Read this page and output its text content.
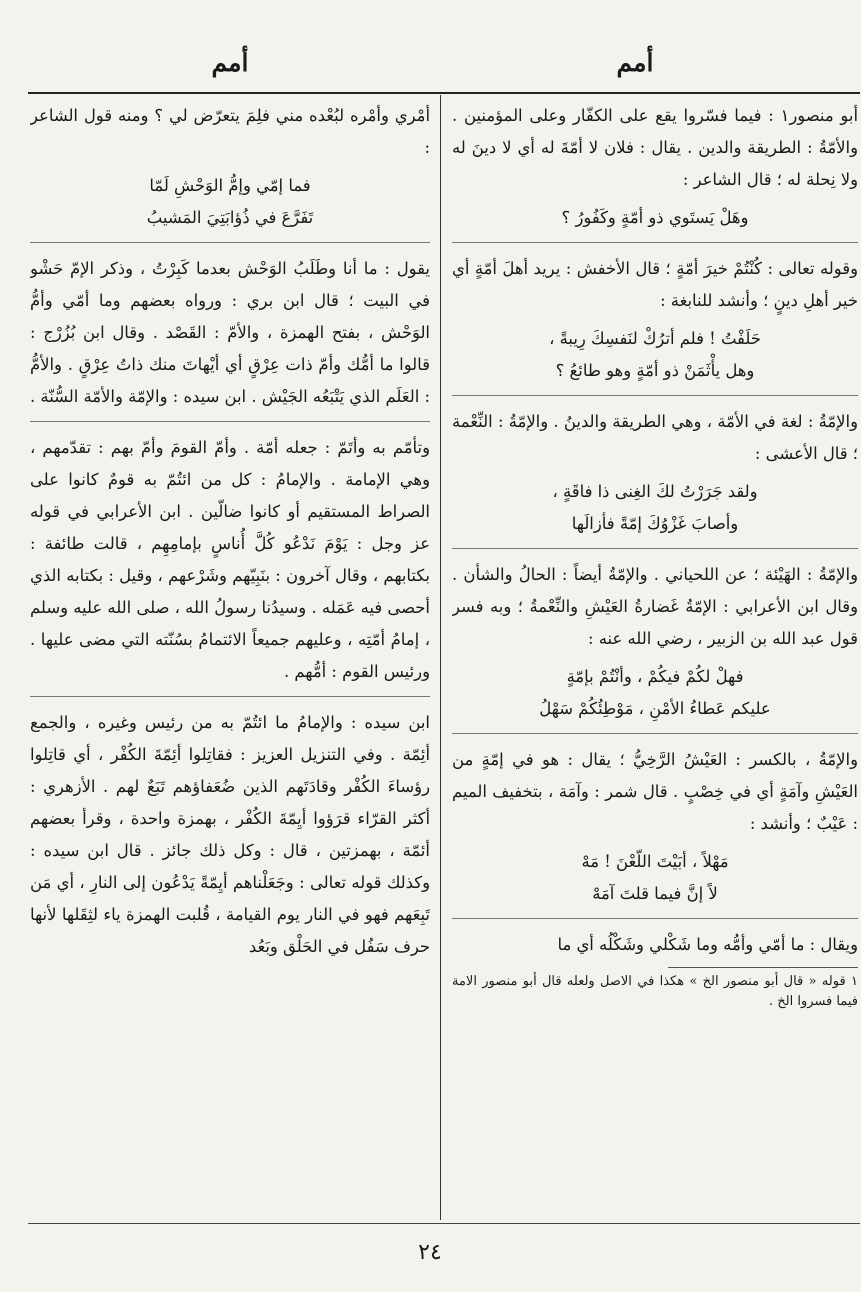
أمم
أمم

أبو منصور١ : فيما فسّروا يقع على الكفّار وعلى المؤمنين . والأمّةُ : الطريقة والدين . يقال : فلان لا أمّةَ له أي لا دينَ له ولا نِحلة له ؛ قال الشاعر :

وهَلْ يَستَوي ذو أمّةٍ وكَفُورُ ؟

وقوله تعالى : كُنْتُمْ خيرَ أمّةٍ ؛ قال الأخفش : يريد أهلَ أمّةٍ أي خير أهلِ دينٍ ؛ وأنشد للنابغة :

حَلَفْتُ ! فلم أترُكْ لنَفسِكَ رِيبةً ،
وهل يأْثَمَنْ ذو أمّةٍ وهو طائعُ ؟

والإمّةُ : لغة في الأمّة ، وهي الطريقة والدينُ . والإمّةُ : النِّعْمة ؛ قال الأعشى :

ولقد جَرَرْتُ لكَ الغِنى ذا فاقَةٍ ،
وأصابَ غَزْوُكَ إمّةً فأزالَها

والإمّةُ : الهَيْئة ؛ عن اللحياني . والإمّةُ أيضاً : الحالُ والشأن . وقال ابن الأعرابي : الإمّةُ غَضارةُ العَيْشِ والنِّعْمةُ ؛ وبه فسر قول عبد الله بن الزبير ، رضي الله عنه :

فهلْ لكُمْ فيكُمْ ، وأنْتُمْ بإمّةٍ
عليكم عَطاءُ الأمْنِ ، مَوْطِئُكُمْ سَهْلُ

والإمّةُ ، بالكسر : العَيْشُ الرَّخِيُّ ؛ يقال : هو في إمّةٍ من العَيْشِ وآمَةٍ أي في خِصْبٍ . قال شمر : وآمَة ، بتخفيف الميم : عَيْبٌ ؛ وأنشد :

مَهْلاً ، أبَيْتَ اللّعْنَ ! مَهْ
لاً إنَّ فيما قلتَ آمَهْ

ويقال : ما أمّي وأمُّه وما شَكْلي وشَكْلُه أي ما

١ قوله « قال أبو منصور الخ » هكذا في الاصل ولعله قال أبو منصور الامة فيما فسروا الخ .

أمْري وأمْره لبُعْده مني فلِمَ يتعرّض لي ؟ ومنه قول الشاعر :

فما إمّي وإمُّ الوَحْشِ لَمّا
تَفَرَّعَ في ذُؤابَتِيَ المَشيبُ

يقول : ما أنا وطَلَبُ الوَحْش بعدما كَبِرْتُ ، وذكر الإمّ حَشْو في البيت ؛ قال ابن بري : ورواه بعضهم وما أمّي وأمُّ الوَحْش ، بفتح الهمزة ، والأمّ : القَصْد . وقال ابن بُزُرْج : قالوا ما أمُّك وأمّ ذات عِرْقٍ أي أيْهاتَ منك ذاتُ عِرْقٍ . والأمُّ : العَلَم الذي يَتْبَعُه الجَيْش . ابن سيده : والإمّة والأمّة السُّنّة .

وتأمّم به وأتَمّ : جعله أمّة . وأمّ القومَ وأمّ بهم : تقدّمهم ، وهي الإمامة . والإمامُ : كل من ائتُمّ به قومٌ كانوا على الصراط المستقيم أو كانوا ضالّين . ابن الأعرابي في قوله عز وجل : يَوْمَ نَدْعُو كُلَّ أُناسٍ بإمامِهِم ، قالت طائفة : بكتابهم ، وقال آخرون : بنَبِيّهم وشَرْعهم ، وقيل : بكتابه الذي أحصى فيه عَمَله . وسيدُنا رسولُ الله ، صلى الله عليه وسلم ، إمامُ أمّتِه ، وعليهم جميعاً الائتمامُ بسُنّته التي مضى عليها . ورئيس القوم : أمُّهم .

ابن سيده : والإمامُ ما ائتُمّ به من رئيس وغيره ، والجمع أئِمّة . وفي التنزيل العزيز : فقاتِلوا أئِمّةَ الكُفْر ، أي قاتِلوا رؤساءَ الكُفْر وقادَتَهم الذين ضُعَفاؤهم تَبَعٌ لهم . الأزهري : أكثر القرّاء قرَؤوا أيِمّةَ الكُفْر ، بهمزة واحدة ، وقرأ بعضهم أئمّة ، بهمزتين ، قال : وكل ذلك جائز . قال ابن سيده : وكذلك قوله تعالى : وجَعَلْناهم أيِمّةً يَدْعُون إلى النارِ ، أي مَن تَبِعَهم فهو في النار يوم القيامة ، قُلبت الهمزة ياء لثِقَلها لأنها حرف سَفُل في الحَلْق وبَعُد

٢٤
